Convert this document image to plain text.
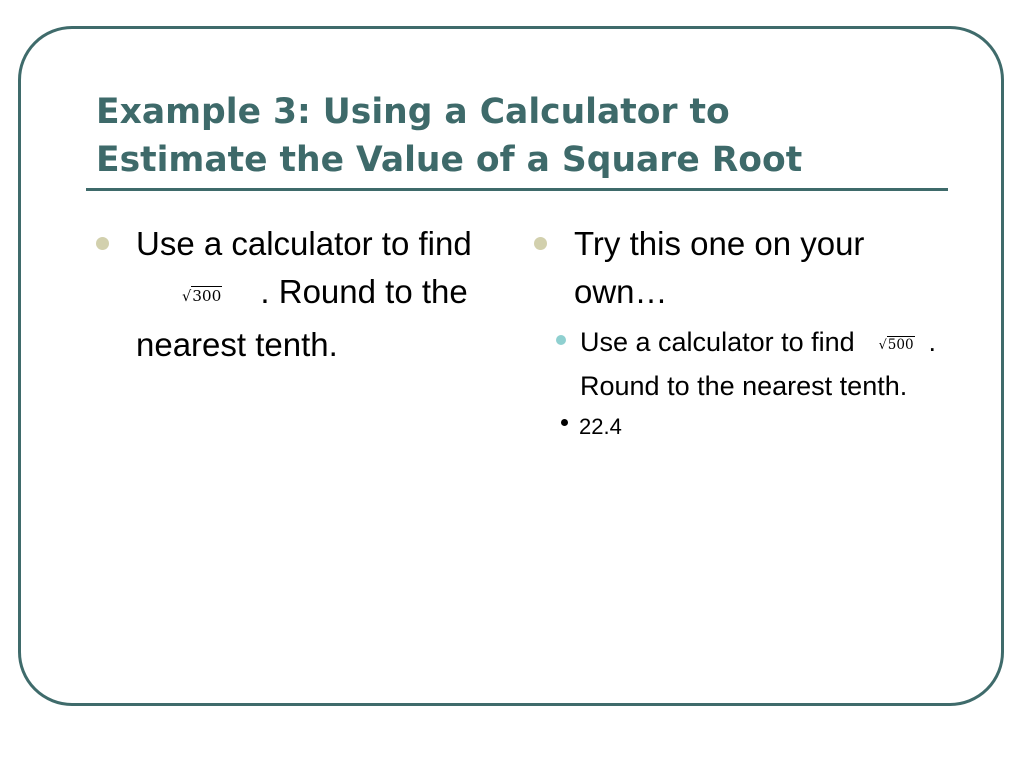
Example 3: Using a Calculator to
Estimate the Value of a Square Root

Use a calculator to find√300 . Round to the nearest tenth.

Try this one on your own…

Use a calculator to find √500 . Round to the nearest tenth.
22.4
